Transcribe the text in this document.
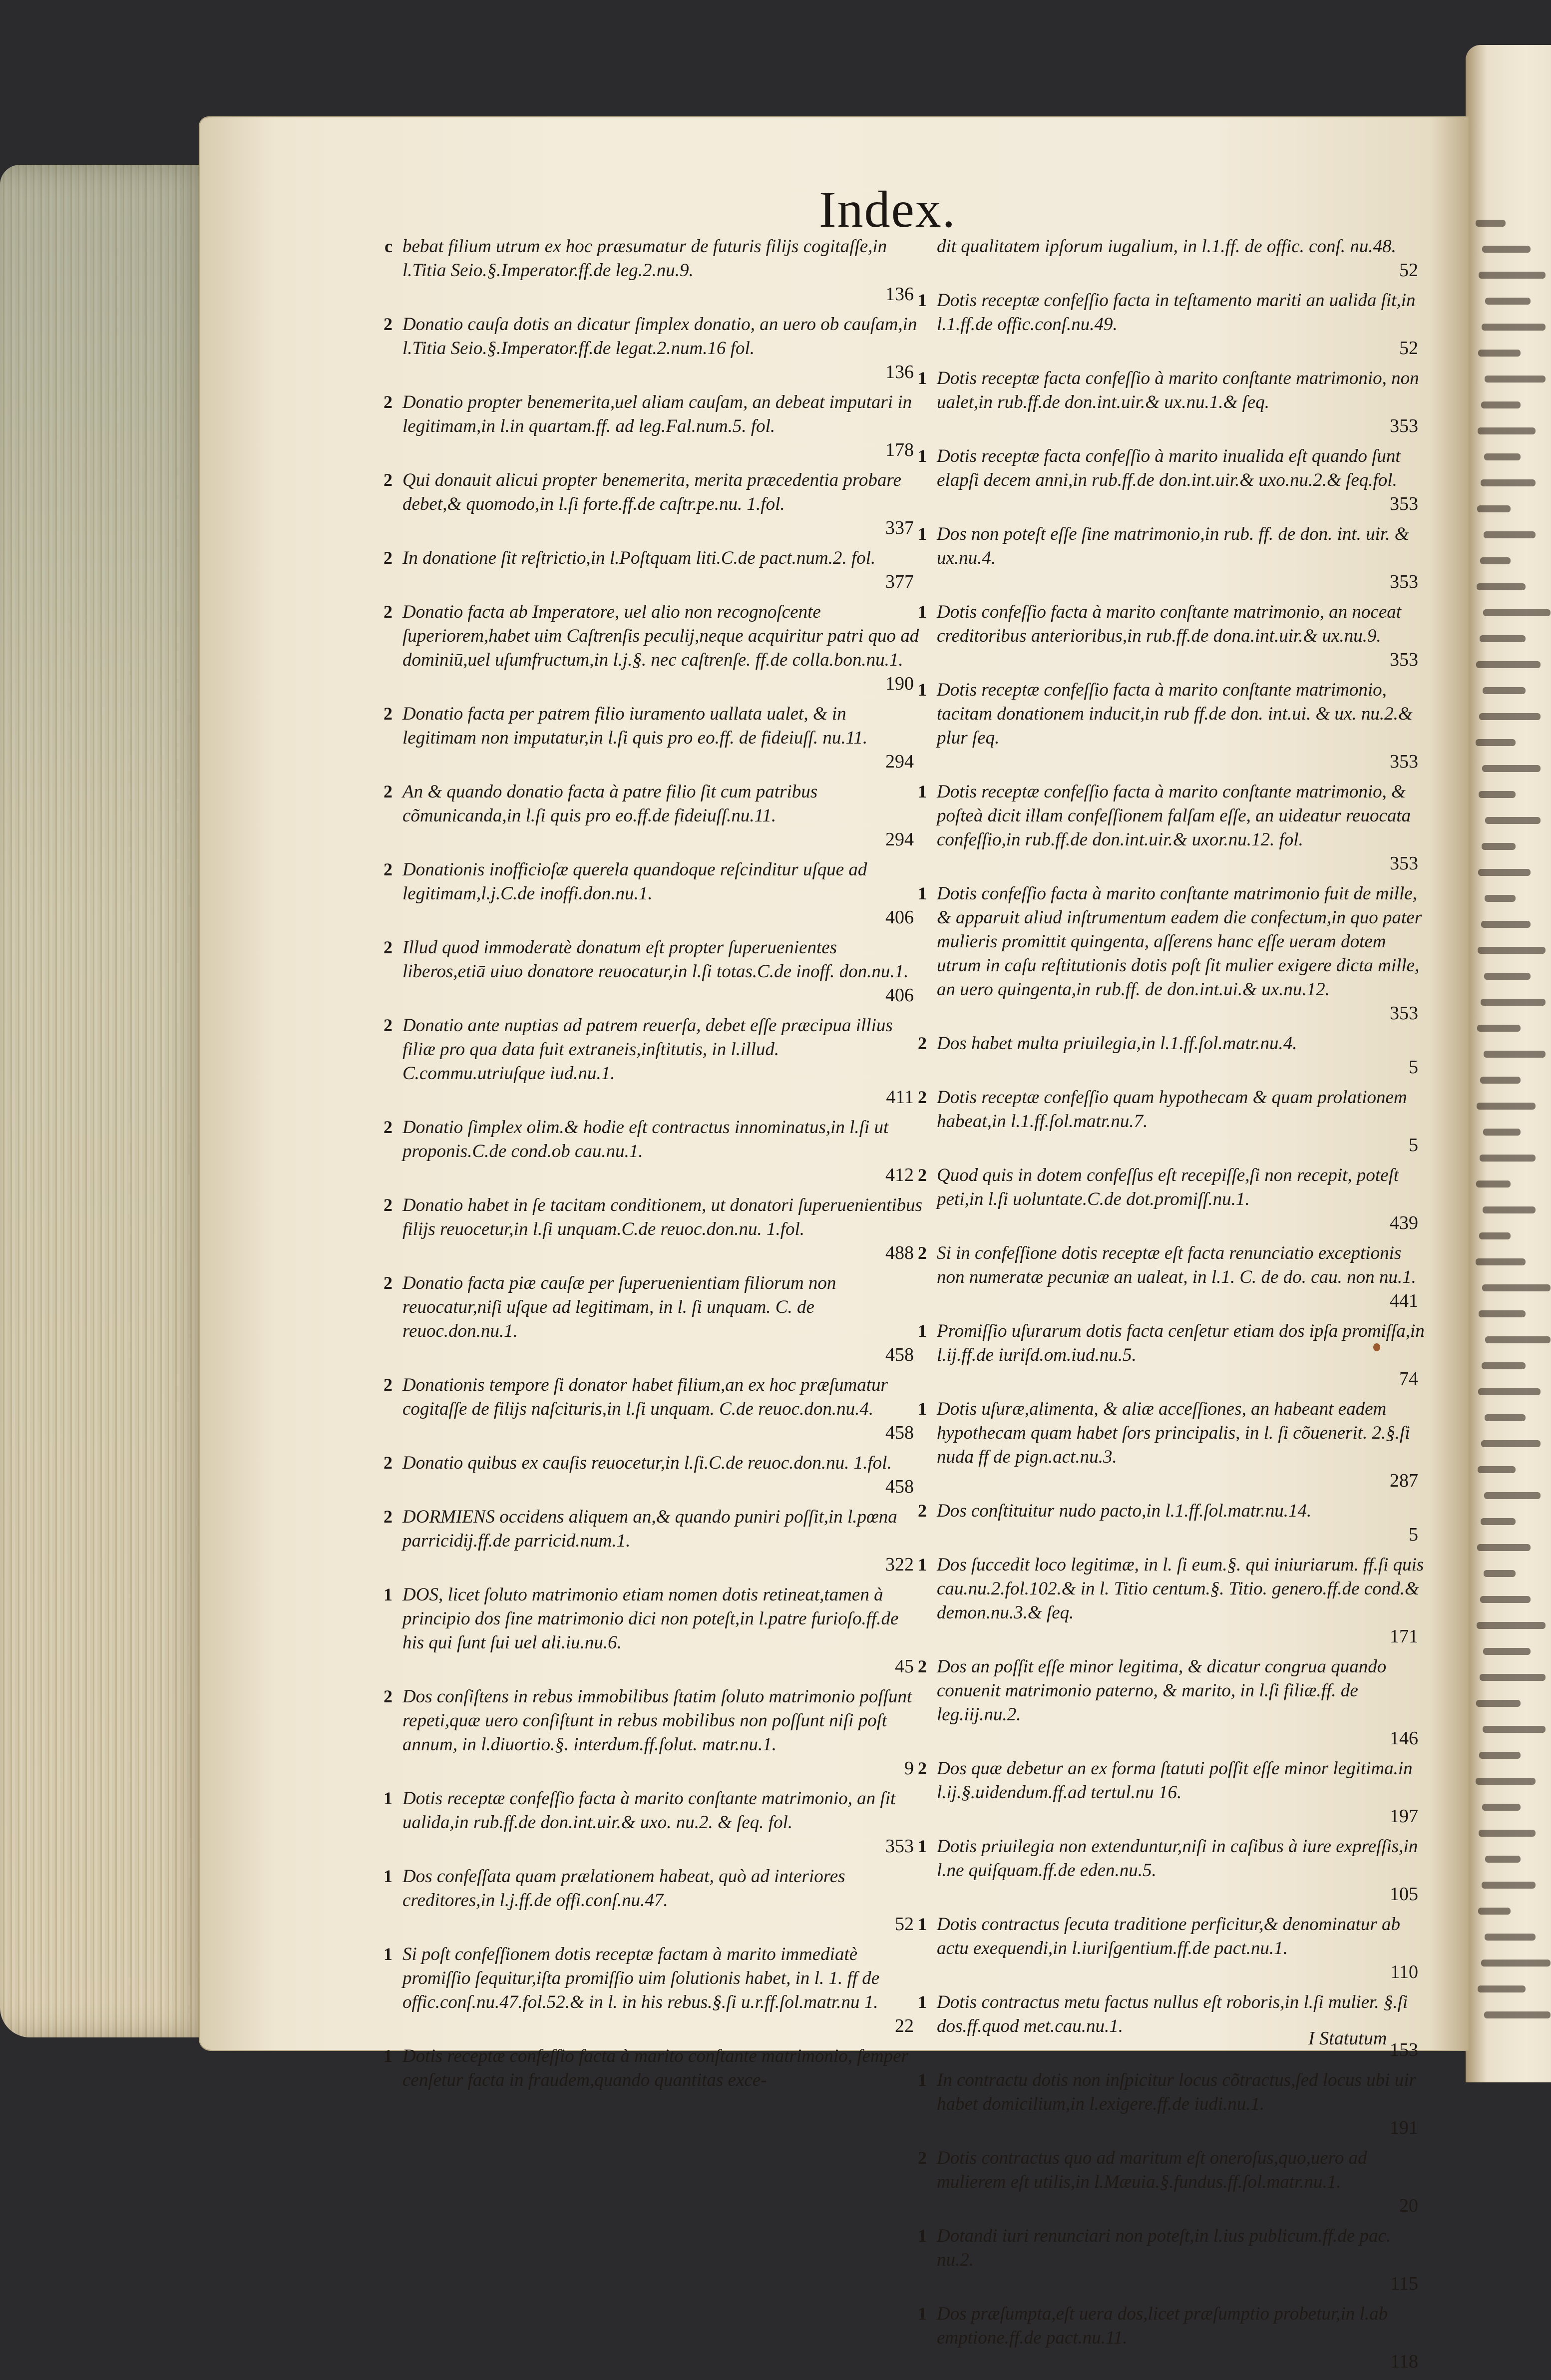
Index.
c bebat filium utrum ex hoc præsumatur de futuris filijs cogitaſſe,in l.Titia Seio.§.Imperator.ff.de leg.2.nu.9.
136
2 Donatio cauſa dotis an dicatur ſimplex donatio, an uero ob cauſam,in l.Titia Seio.§.Imperator.ff.de legat.2.num.16 fol.
136
2 Donatio propter benemerita,uel aliam cauſam, an debeat imputari in legitimam,in l.in quartam.ff. ad leg.Fal.num.5. fol.
178
2 Qui donauit alicui propter benemerita, merita præcedentia probare debet,& quomodo,in l.ſi forte.ff.de caſtr.pe.nu. 1.fol.
337
2 In donatione ſit reſtrictio,in l.Poſtquam liti.C.de pact.num.2. fol.
377
2 Donatio facta ab Imperatore, uel alio non recognoſcente ſuperiorem,habet uim Caſtrenſis peculij,neque acquiritur patri quo ad dominiū,uel uſumfructum,in l.j.§. nec caſtrenſe. ff.de colla.bon.nu.1.
190
2 Donatio facta per patrem filio iuramento uallata ualet, & in legitimam non imputatur,in l.ſi quis pro eo.ff. de fideiuſſ. nu.11.
294
2 An & quando donatio facta à patre filio ſit cum patribus cõmunicanda,in l.ſi quis pro eo.ff.de fideiuſſ.nu.11.
294
2 Donationis inofficioſæ querela quandoque reſcinditur uſque ad legitimam,l.j.C.de inoffi.don.nu.1.
406
2 Illud quod immoderatè donatum eſt propter ſuperuenientes liberos,etiā uiuo donatore reuocatur,in l.ſi totas.C.de inoff. don.nu.1.
406
2 Donatio ante nuptias ad patrem reuerſa, debet eſſe præcipua illius filiæ pro qua data fuit extraneis,inſtitutis, in l.illud. C.commu.utriuſque iud.nu.1.
411
2 Donatio ſimplex olim.& hodie eſt contractus innominatus,in l.ſi ut proponis.C.de cond.ob cau.nu.1.
412
2 Donatio habet in ſe tacitam conditionem, ut donatori ſuperuenientibus filijs reuocetur,in l.ſi unquam.C.de reuoc.don.nu. 1.fol.
488
2 Donatio facta piæ cauſæ per ſuperuenientiam filiorum non reuocatur,niſi uſque ad legitimam, in l. ſi unquam. C. de reuoc.don.nu.1.
458
2 Donationis tempore ſi donator habet filium,an ex hoc præſumatur cogitaſſe de filijs naſcituris,in l.ſi unquam. C.de reuoc.don.nu.4.
458
2 Donatio quibus ex cauſis reuocetur,in l.ſi.C.de reuoc.don.nu. 1.fol.
458
2 DORMIENS occidens aliquem an,& quando puniri poſſit,in l.pœna parricidij.ff.de parricid.num.1.
322
1 DOS, licet ſoluto matrimonio etiam nomen dotis retineat,tamen à principio dos ſine matrimonio dici non poteſt,in l.patre furioſo.ff.de his qui ſunt ſui uel ali.iu.nu.6.
45
2 Dos conſiſtens in rebus immobilibus ſtatim ſoluto matrimonio poſſunt repeti,quæ uero conſiſtunt in rebus mobilibus non poſſunt niſi poſt annum, in l.diuortio.§. interdum.ff.ſolut. matr.nu.1.
9
1 Dotis receptæ confeſſio facta à marito conſtante matrimonio, an ſit ualida,in rub.ff.de don.int.uir.& uxo. nu.2. & ſeq. fol.
353
1 Dos confeſſata quam prælationem habeat, quò ad interiores creditores,in l.j.ff.de offi.conſ.nu.47.
52
1 Si poſt confeſſionem dotis receptæ factam à marito immediatè promiſſio ſequitur,iſta promiſſio uim ſolutionis habet, in l. 1. ff de offic.conſ.nu.47.fol.52.& in l. in his rebus.§.ſi u.r.ff.ſol.matr.nu 1.
22
1 Dotis receptæ confeſſio facta à marito conſtante matrimonio, ſemper cenſetur facta in fraudem,quando quantitas exce-
dit qualitatem ipſorum iugalium, in l.1.ff. de offic. conſ. nu.48.
52
1 Dotis receptæ confeſſio facta in teſtamento mariti an ualida ſit,in l.1.ff.de offic.conſ.nu.49.
52
1 Dotis receptæ facta confeſſio à marito conſtante matrimonio, non ualet,in rub.ff.de don.int.uir.& ux.nu.1.& ſeq.
353
1 Dotis receptæ facta confeſſio à marito inualida eſt quando ſunt elapſi decem anni,in rub.ff.de don.int.uir.& uxo.nu.2.& ſeq.fol.
353
1 Dos non poteſt eſſe ſine matrimonio,in rub. ff. de don. int. uir. & ux.nu.4.
353
1 Dotis confeſſio facta à marito conſtante matrimonio, an noceat creditoribus anterioribus,in rub.ff.de dona.int.uir.& ux.nu.9.
353
1 Dotis receptæ confeſſio facta à marito conſtante matrimonio, tacitam donationem inducit,in rub ff.de don. int.ui. & ux. nu.2.& plur ſeq.
353
1 Dotis receptæ confeſſio facta à marito conſtante matrimonio, & poſteà dicit illam confeſſionem falſam eſſe, an uideatur reuocata confeſſio,in rub.ff.de don.int.uir.& uxor.nu.12. fol.
353
1 Dotis confeſſio facta à marito conſtante matrimonio fuit de mille, & apparuit aliud inſtrumentum eadem die confectum,in quo pater mulieris promittit quingenta, aſſerens hanc eſſe ueram dotem utrum in caſu reſtitutionis dotis poſt ſit mulier exigere dicta mille, an uero quingenta,in rub.ff. de don.int.ui.& ux.nu.12.
353
2 Dos habet multa priuilegia,in l.1.ff.ſol.matr.nu.4.
5
2 Dotis receptæ confeſſio quam hypothecam & quam prolationem habeat,in l.1.ff.ſol.matr.nu.7.
5
2 Quod quis in dotem confeſſus eſt recepiſſe,ſi non recepit, poteſt peti,in l.ſi uoluntate.C.de dot.promiſſ.nu.1.
439
2 Si in confeſſione dotis receptæ eſt facta renunciatio exceptionis non numeratæ pecuniæ an ualeat, in l.1. C. de do. cau. non nu.1.
441
1 Promiſſio uſurarum dotis facta cenſetur etiam dos ipſa promiſſa,in l.ij.ff.de iuriſd.om.iud.nu.5.
74
1 Dotis uſuræ,alimenta, & aliæ acceſſiones, an habeant eadem hypothecam quam habet ſors principalis, in l. ſi cõuenerit. 2.§.ſi nuda ff de pign.act.nu.3.
287
2 Dos conſtituitur nudo pacto,in l.1.ff.ſol.matr.nu.14.
5
1 Dos ſuccedit loco legitimæ, in l. ſi eum.§. qui iniuriarum. ff.ſi quis cau.nu.2.fol.102.& in l. Titio centum.§. Titio. genero.ff.de cond.& demon.nu.3.& ſeq.
171
2 Dos an poſſit eſſe minor legitima, & dicatur congrua quando conuenit matrimonio paterno, & marito, in l.ſi filiæ.ff. de leg.iij.nu.2.
146
2 Dos quæ debetur an ex forma ſtatuti poſſit eſſe minor legitima.in l.ij.§.uidendum.ff.ad tertul.nu 16.
197
1 Dotis priuilegia non extenduntur,niſi in caſibus à iure expreſſis,in l.ne quiſquam.ff.de eden.nu.5.
105
1 Dotis contractus ſecuta traditione perficitur,& denominatur ab actu exequendi,in l.iuriſgentium.ff.de pact.nu.1.
110
1 Dotis contractus metu factus nullus eſt roboris,in l.ſi mulier. §.ſi dos.ff.quod met.cau.nu.1.
153
1 In contractu dotis non inſpicitur locus cõtractus,ſed locus ubi uir habet domicilium,in l.exigere.ff.de iudi.nu.1.
191
2 Dotis contractus quo ad maritum eſt oneroſus,quo,uero ad mulierem eſt utilis,in l.Mæuia.§.fundus.ff.ſol.matr.nu.1.
20
1 Dotandi iuri renunciari non poteſt,in l.ius publicum.ff.de pac. nu.2.
115
1 Dos præſumpta,eſt uera dos,licet præſumptio probetur,in l.ab emptione.ff.de pact.nu.11.
118
I Statutum
